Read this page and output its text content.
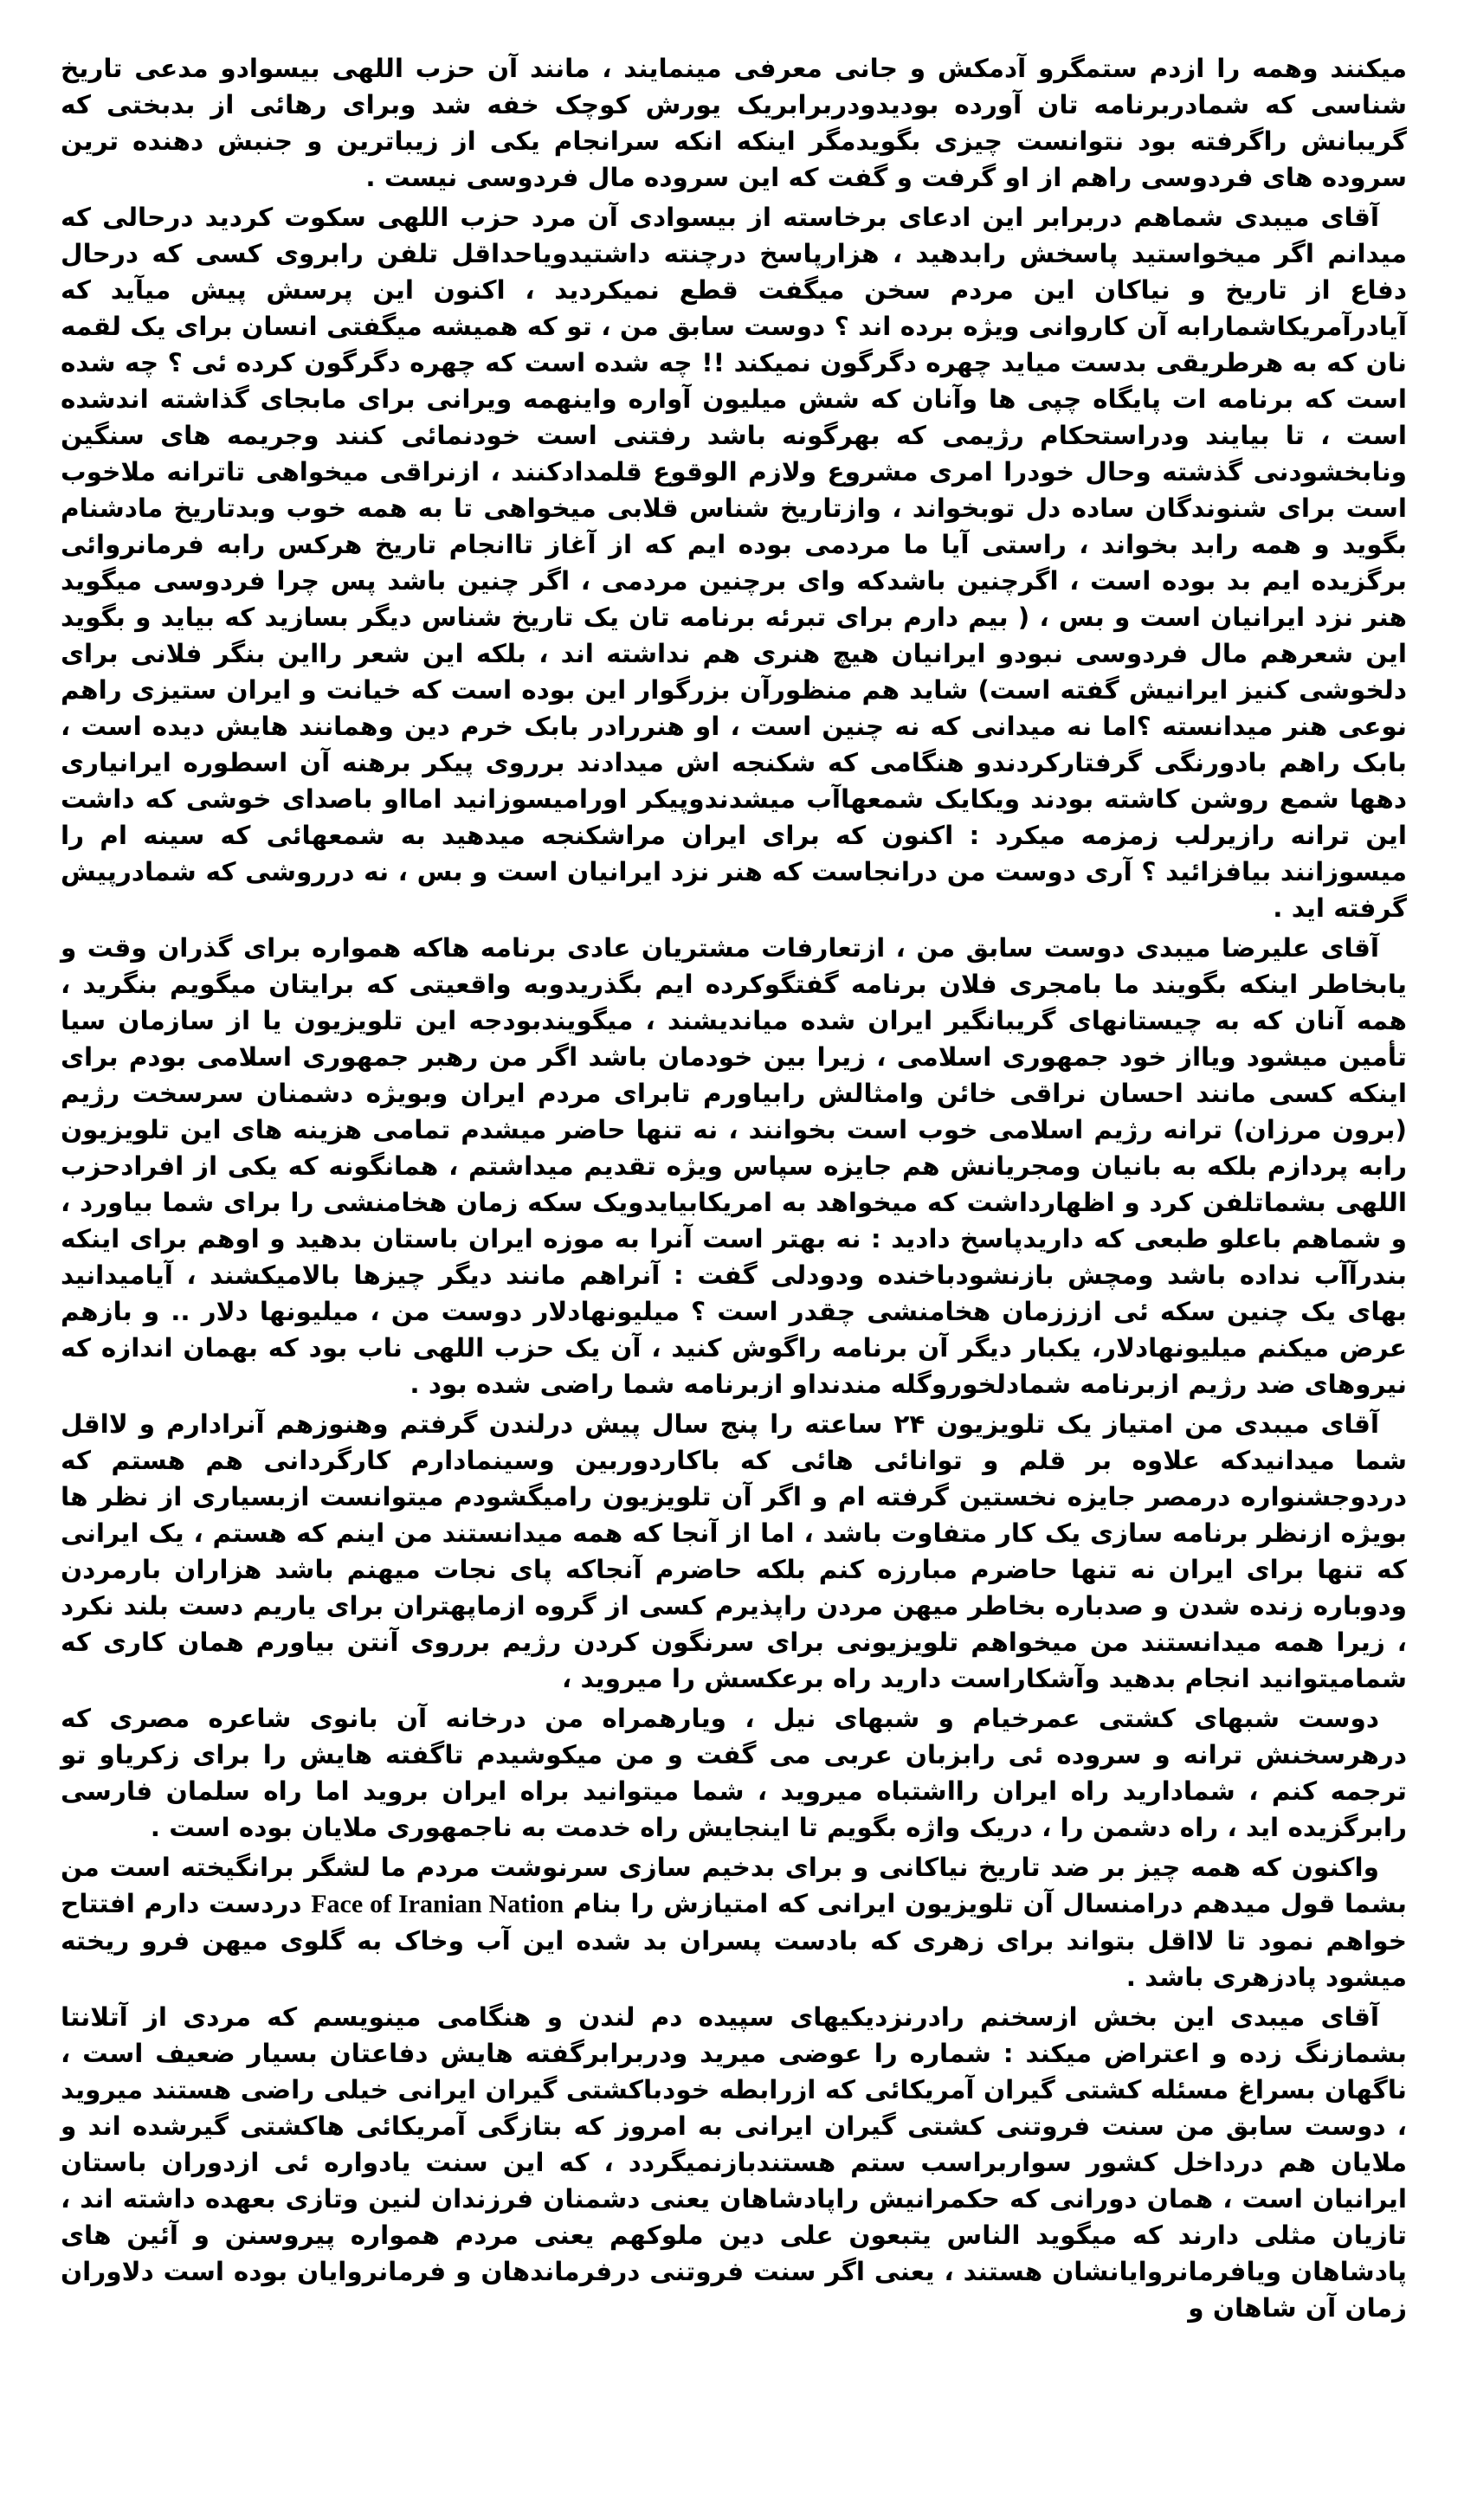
میکنند وهمه را ازدم ستمگرو آدمکش و جانی معرفی مینمایند ، مانند آن حزب اللهی بیسوادو مدعی تاریخ شناسی که شمادربرنامه تان آورده بودیدودربرابریک یورش کوچک خفه شد وبرای رهائی از بدبختی که گریبانش راگرفته بود نتوانست چیزی بگویدمگر اینکه انکه سرانجام یکی از زیباترین و جنبش دهنده ترین سروده های فردوسی راهم از او گرفت و گفت که این سروده مال فردوسی نیست .

آقای میبدی شماهم دربرابر این ادعای برخاسته از بیسوادی آن مرد حزب اللهی سکوت کردید درحالی که میدانم اگر میخواستید پاسخش رابدهید ، هزارپاسخ درچنته داشتیدویاحداقل تلفن رابروی کسی که درحال دفاع از تاریخ و نیاکان این مردم سخن میگفت قطع نمیکردید ، اکنون این پرسش پیش میآید که آیادرآمریکاشمارابه آن کاروانی ویژه برده اند ؟ دوست سابق من ، تو که همیشه میگفتی انسان برای یک لقمه نان که به هرطریقی بدست میاید چهره دگرگون نمیکند !! چه شده است که چهره دگرگون کرده ئی ؟ چه شده است که برنامه ات پایگاه چپی ها وآنان که شش میلیون آواره واینهمه ویرانی برای مابجای گذاشته اندشده است ، تا بیایند ودراستحکام رژیمی که بهرگونه باشد رفتنی است خودنمائی کنند وجریمه های سنگین ونابخشودنی گذشته وحال خودرا امری مشروع ولازم الوقوع قلمدادکنند ، ازنراقی میخواهی تاترانه ملاخوب است برای شنوندگان ساده دل توبخواند ، وازتاریخ شناس قلابی میخواهی تا به همه خوب وبدتاریخ مادشنام بگوید و همه رابد بخواند ، راستی آیا ما مردمی بوده ایم که از آغاز تاانجام تاریخ هرکس رابه فرمانروائی برگزیده ایم بد بوده است ، اگرچنین باشدکه وای برچنین مردمی ، اگر چنین باشد پس چرا فردوسی میگوید هنر نزد ایرانیان است و بس ، ( بیم دارم برای تبرئه برنامه تان یک تاریخ شناس دیگر بسازید که بیاید و بگوید این شعرهم مال فردوسی نبودو ایرانیان هیچ هنری هم نداشته اند ، بلکه این شعر رااین بنگر فلانی برای دلخوشی کنیز ایرانیش گفته است) شاید هم منظورآن بزرگوار این بوده است که خیانت و ایران ستیزی راهم نوعی هنر میدانسته ؟اما نه میدانی که نه چنین است ، او هنررادر بابک خرم دین وهمانند هایش دیده است ، بابک راهم بادورنگی گرفتارکردندو هنگامی که شکنجه اش میدادند برروی پیکر برهنه آن اسطوره ایرانیاری دهها شمع روشن کاشته بودند ویکایک شمعهاآب میشدندوپیکر اورامیسوزانید امااو باصدای خوشی که داشت این ترانه رازیرلب زمزمه میکرد : اکنون که برای ایران مراشکنجه میدهید به شمعهائی که سینه ام را میسوزانند بیافزائید ؟ آری دوست من درانجاست که هنر نزد ایرانیان است و بس ، نه درروشی که شمادرپیش گرفته اید .

آقای علیرضا میبدی دوست سابق من ، ازتعارفات مشتریان عادی برنامه هاکه همواره برای گذران وقت و یابخاطر اینکه بگویند ما بامجری فلان برنامه گفتگوکرده ایم بگذریدوبه واقعیتی که برایتان میگویم بنگرید ، همه آنان که به چیستانهای گریبانگیر ایران شده میاندیشند ، میگویندبودجه این تلویزیون یا از سازمان سیا تأمین میشود ویااز خود جمهوری اسلامی ، زیرا بین خودمان باشد اگر من رهبر جمهوری اسلامی بودم برای اینکه کسی مانند احسان نراقی خائن وامثالش رابیاورم تابرای مردم ایران وبویژه دشمنان سرسخت رژیم (برون مرزان) ترانه رژیم اسلامی خوب است بخوانند ، نه تنها حاضر میشدم تمامی هزینه های این تلویزیون رابه پردازم بلکه به بانیان ومجریانش هم جایزه سپاس ویژه تقدیم میداشتم ، همانگونه که یکی از افرادحزب اللهی بشماتلفن کرد و اظهارداشت که میخواهد به امریکابیایدویک سکه زمان هخامنشی را برای شما بیاورد ، و شماهم باعلو طبعی که داریدپاسخ دادید : نه بهتر است آنرا به موزه ایران باستان بدهید و اوهم برای اینکه بندرآآب نداده باشد ومچش بازنشودباخنده ودودلی گفت : آنراهم مانند دیگر چیزها بالامیکشند ، آیامیدانید بهای یک چنین سکه ئی ازززمان هخامنشی چقدر است ؟ میلیونهادلار دوست من ، میلیونها دلار .. و بازهم عرض میکنم میلیونهادلار، یکبار دیگر آن برنامه راگوش کنید ، آن یک حزب اللهی ناب بود که بهمان اندازه که نیروهای ضد رژیم ازبرنامه شمادلخوروگله مندنداو ازبرنامه شما راضی شده بود .

آقای میبدی من امتیاز یک تلویزیون ۲۴ ساعته را پنج سال پیش درلندن گرفتم وهنوزهم آنرادارم و لااقل شما میدانیدکه علاوه بر قلم و توانائی هائی که باکاردوربین وسینمادارم کارگردانی هم هستم که دردوجشنواره درمصر جایزه نخستین گرفته ام و اگر آن تلویزیون رامیگشودم میتوانست ازبسیاری از نظر ها بویژه ازنظر برنامه سازی یک کار متفاوت باشد ، اما از آنجا که همه میدانستند من اینم که هستم ، یک ایرانی که تنها برای ایران نه تنها حاضرم مبارزه کنم بلکه حاضرم آنجاکه پای نجات میهنم باشد هزاران بارمردن ودوباره زنده شدن و صدباره بخاطر میهن مردن راپذیرم کسی از گروه ازماپهتران برای یاریم دست بلند نکرد ، زیرا همه میدانستند من میخواهم تلویزیونی برای سرنگون کردن رژیم برروی آنتن بیاورم همان کاری که شمامیتوانید انجام بدهید وآشکاراست دارید راه برعکسش را میروید ،

دوست شبهای کشتی عمرخیام و شبهای نیل ، ویارهمراه من درخانه آن بانوی شاعره مصری که درهرسخنش ترانه و سروده ئی رابزبان عربی می گفت و من میکوشیدم تاگفته هایش را برای زکریاو تو ترجمه کنم ، شمادارید راه ایران رااشتباه میروید ، شما میتوانید براه ایران بروید اما راه سلمان فارسی رابرگزیده اید ، راه دشمن را ، دریک واژه بگویم تا اینجایش راه خدمت به ناجمهوری ملایان بوده است .

واکنون که همه چیز بر ضد تاریخ نیاکانی و برای بدخیم سازی سرنوشت مردم ما لشگر برانگیخته است من بشما قول میدهم درامنسال آن تلویزیون ایرانی که امتیازش را بنام Face of Iranian Nation دردست دارم افتتاح خواهم نمود تا لااقل بتواند برای زهری که بادست پسران بد شده این آب وخاک به گلوی میهن فرو ریخته میشود پادزهری باشد .

آقای میبدی این بخش ازسخنم رادرنزدیکیهای سپیده دم لندن و هنگامی مینویسم که مردی از آتلانتا بشمازنگ زده و اعتراض میکند : شماره را عوضی میرید ودربرابرگفته هایش دفاعتان بسیار ضعیف است ، ناگهان بسراغ مسئله کشتی گیران آمریکائی که ازرابطه خودباکشتی گیران ایرانی خیلی راضی هستند میروید ، دوست سابق من سنت فروتنی کشتی گیران ایرانی به امروز که بتازگی آمریکائی هاکشتی گیرشده اند و ملایان هم درداخل کشور سواربراسب ستم هستندبازنمیگردد ، که این سنت یادواره ئی ازدوران باستان ایرانیان است ، همان دورانی که حکمرانیش راپادشاهان یعنی دشمنان فرزندان لنین وتازی بعهده داشته اند ، تازیان مثلی دارند که میگوید الناس یتبعون علی دین ملوکهم یعنی مردم همواره پیروسنن و آئین های پادشاهان ویافرمانروایانشان هستند ، یعنی اگر سنت فروتنی درفرماندهان و فرمانروایان بوده است دلاوران زمان آن شاهان و
